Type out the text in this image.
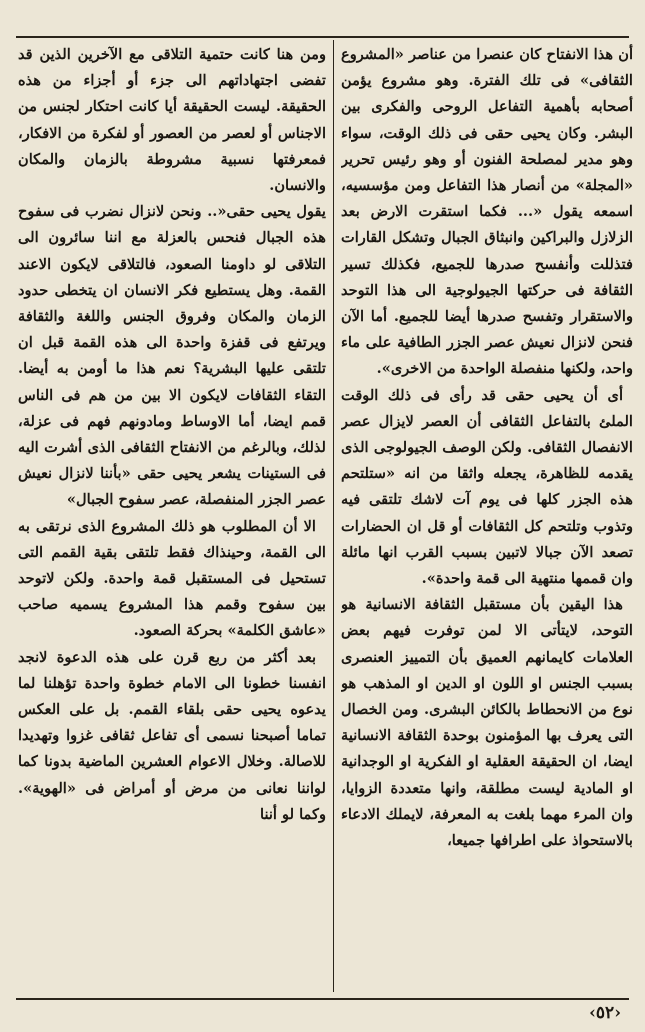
أن هذا الانفتاح كان عنصرا من عناصر «المشروع الثقافى» فى تلك الفترة. وهو مشروع يؤمن أصحابه بأهمية التفاعل الروحى والفكرى بين البشر. وكان يحيى حقى فى ذلك الوقت، سواء وهو مدير لمصلحة الفنون أو وهو رئيس تحرير «المجلة» من أنصار هذا التفاعل ومن مؤسسيه، اسمعه يقول «... فكما استقرت الارض بعد الزلازل والبراكين وانبثاق الجبال وتشكل القارات فتذللت وأنفسح صدرها للجميع، فكذلك تسير الثقافة فى حركتها الجيولوجية الى هذا التوحد والاستقرار وتفسح صدرها أيضا للجميع. أما الآن فنحن لانزال نعيش عصر الجزر الطافية على ماء واحد، ولكنها منفصلة الواحدة من الاخرى».

أى أن يحيى حقى قد رأى فى ذلك الوقت الملئ بالتفاعل الثقافى أن العصر لايزال عصر الانفصال الثقافى. ولكن الوصف الجيولوجى الذى يقدمه للظاهرة، يجعله واثقا من انه «ستلتحم هذه الجزر كلها فى يوم آت لاشك تلتقى فيه وتذوب وتلتحم كل الثقافات أو قل ان الحضارات تصعد الآن جبالا لاتبين بسبب القرب انها مائلة وان قممها منتهية الى قمة واحدة».

هذا اليقين بأن مستقبل الثقافة الانسانية هو التوحد، لايتأتى الا لمن توفرت فيهم بعض العلامات كايمانهم العميق بأن التمييز العنصرى بسبب الجنس او اللون او الدين او المذهب هو نوع من الانحطاط بالكائن البشرى. ومن الخصال التى يعرف بها المؤمنون بوحدة الثقافة الانسانية ايضا، ان الحقيقة العقلية او الفكرية او الوجدانية او المادية ليست مطلقة، وانها متعددة الزوايا، وان المرء مهما بلغت به المعرفة، لايملك الادعاء بالاستحواذ على اطرافها جميعا،

ومن هنا كانت حتمية التلاقى مع الآخرين الذين قد تفضى اجتهاداتهم الى جزء أو أجزاء من هذه الحقيقة. ليست الحقيقة أيا كانت احتكار لجنس من الاجناس أو لعصر من العصور أو لفكرة من الافكار، فمعرفتها نسبية مشروطة بالزمان والمكان والانسان.

يقول يحيى حقى«.. ونحن لانزال نضرب فى سفوح هذه الجبال فنحس بالعزلة مع اننا سائرون الى التلاقى لو داومنا الصعود، فالتلاقى لايكون الاعند القمة. وهل يستطيع فكر الانسان ان يتخطى حدود الزمان والمكان وفروق الجنس واللغة والثقافة ويرتفع فى قفزة واحدة الى هذه القمة قبل ان تلتقى عليها البشرية؟ نعم هذا ما أومن به أيضا. التقاء الثقافات لايكون الا بين من هم فى الناس قمم ايضا، أما الاوساط ومادونهم فهم فى عزلة، لذلك، وبالرغم من الانفتاح الثقافى الذى أشرت اليه فى الستينات يشعر يحيى حقى «بأننا لانزال نعيش عصر الجزر المنفصلة، عصر سفوح الجبال»

الا أن المطلوب هو ذلك المشروع الذى نرتقى به الى القمة، وحينذاك فقط تلتقى بقية القمم التى تستحيل فى المستقبل قمة واحدة. ولكن لاتوحد بين سفوح وقمم هذا المشروع يسميه صاحب «عاشق الكلمة» بحركة الصعود.

بعد أكثر من ربع قرن على هذه الدعوة لانجد انفسنا خطونا الى الامام خطوة واحدة تؤهلنا لما يدعوه يحيى حقى بلقاء القمم. بل على العكس تماما أصبحنا نسمى أى تفاعل ثقافى غزوا وتهديدا للاصالة. وخلال الاعوام العشرين الماضية بدونا كما لواننا نعانى من مرض أو أمراض فى «الهوية». وكما لو أننا

‹٥٢›
